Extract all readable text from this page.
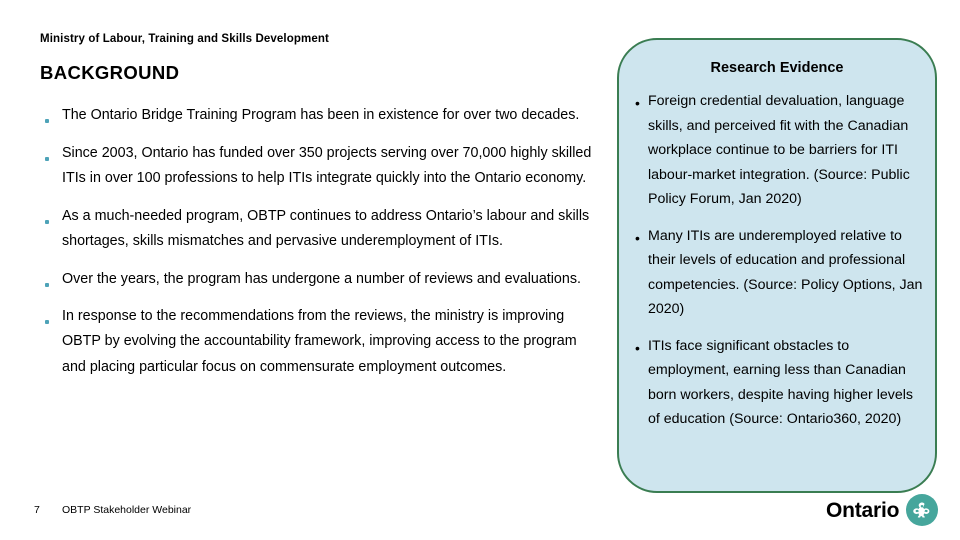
Ministry of Labour, Training and Skills Development
BACKGROUND
The Ontario Bridge Training Program has been in existence for over two decades.
Since 2003, Ontario has funded over 350 projects serving over 70,000 highly skilled ITIs in over 100 professions to help ITIs integrate quickly into the Ontario economy.
As a much-needed program, OBTP continues to address Ontario’s labour and skills shortages, skills mismatches and pervasive underemployment of ITIs.
Over the years, the program has undergone a number of reviews and evaluations.
In response to the recommendations from the reviews, the ministry is improving OBTP by evolving the accountability framework, improving access to the program and placing particular focus on commensurate employment outcomes.
Research Evidence
• Foreign credential devaluation, language skills, and perceived fit with the Canadian workplace continue to be barriers for ITI labour-market integration. (Source: Public Policy Forum, Jan 2020)
• Many ITIs are underemployed relative to their levels of education and professional competencies. (Source: Policy Options, Jan 2020)
• ITIs face significant obstacles to employment, earning less than Canadian born workers, despite having higher levels of education (Source: Ontario360, 2020)
7 OBTP Stakeholder Webinar	Ontario
